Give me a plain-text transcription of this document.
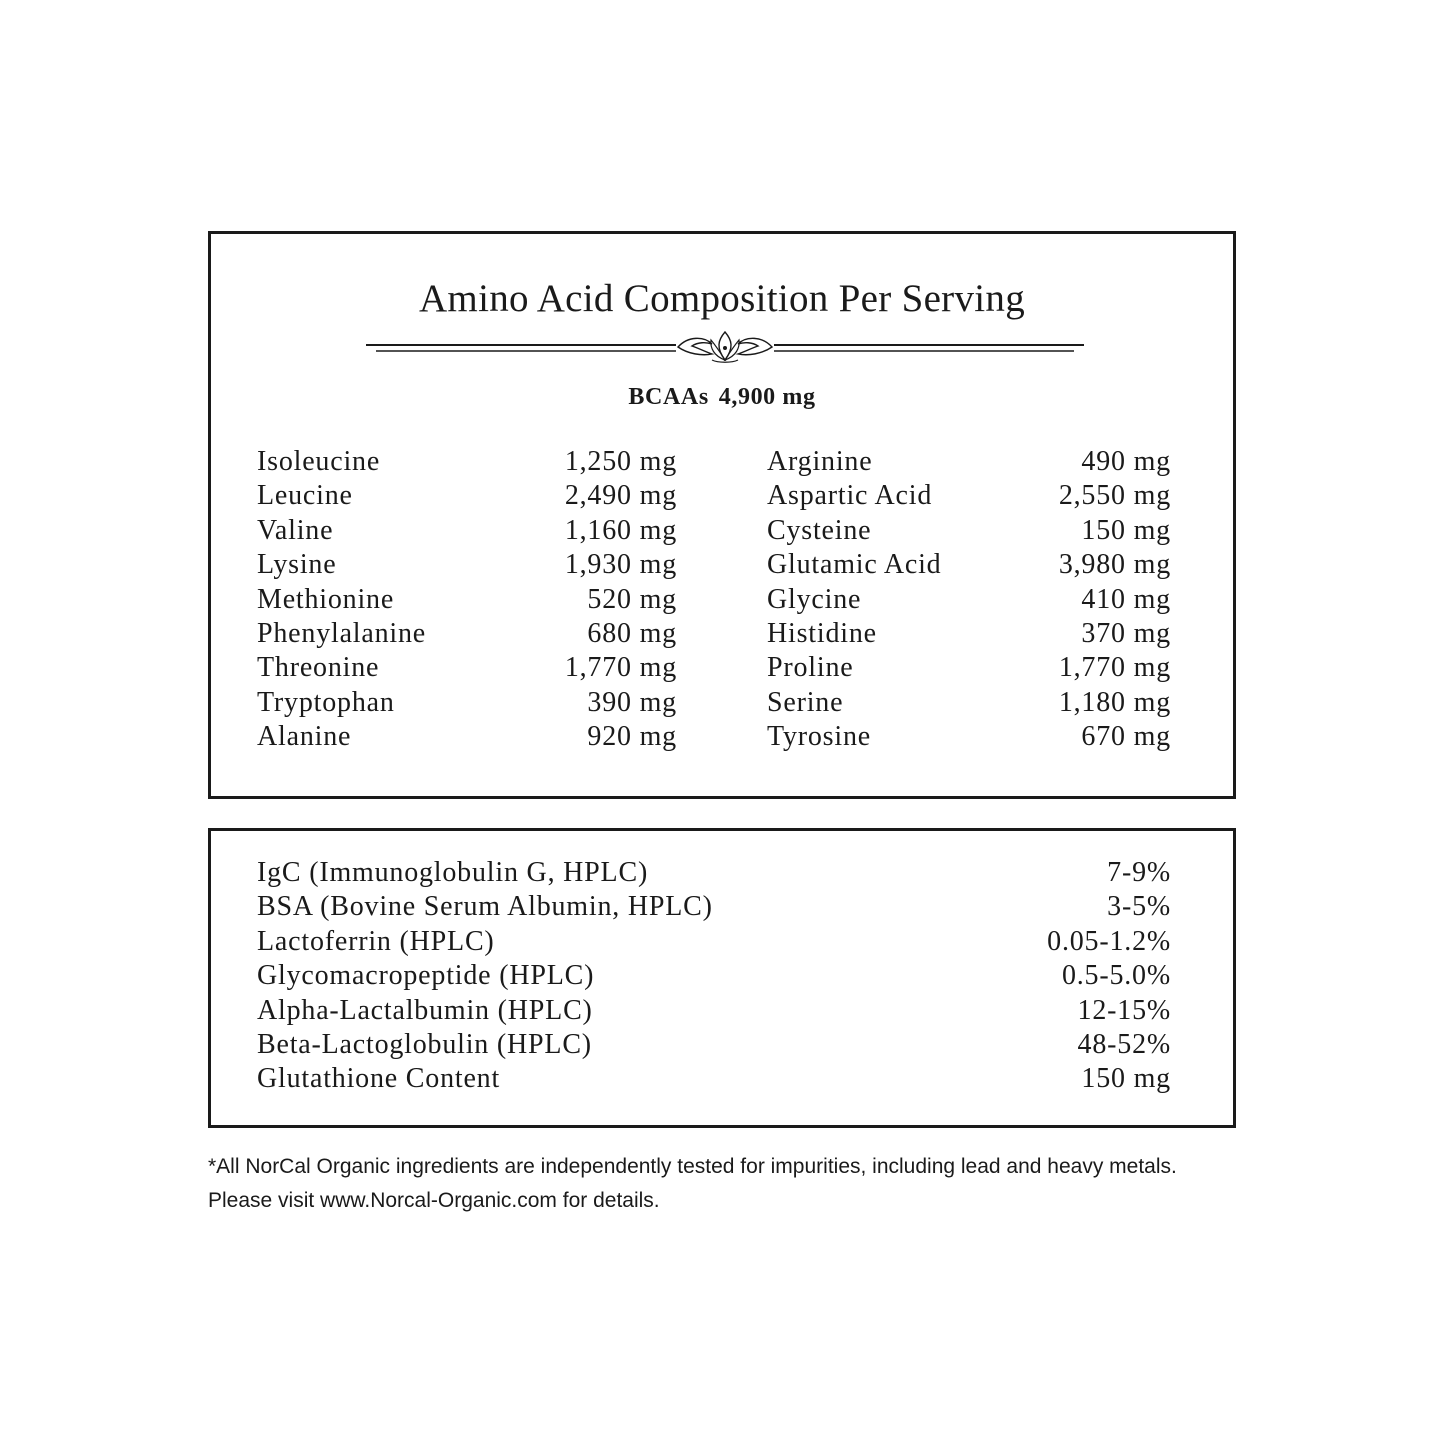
Amino Acid Composition Per Serving
BCAAs 4,900 mg
Isoleucine	1,250 mg
Leucine	2,490 mg
Valine	1,160 mg
Lysine	1,930 mg
Methionine	520 mg
Phenylalanine	680 mg
Threonine	1,770 mg
Tryptophan	390 mg
Alanine	920 mg
Arginine	490 mg
Aspartic Acid	2,550 mg
Cysteine	150 mg
Glutamic Acid	3,980 mg
Glycine	410 mg
Histidine	370 mg
Proline	1,770 mg
Serine	1,180 mg
Tyrosine	670 mg
IgC (Immunoglobulin G, HPLC)	7-9%
BSA (Bovine Serum Albumin, HPLC)	3-5%
Lactoferrin (HPLC)	0.05-1.2%
Glycomacropeptide (HPLC)	0.5-5.0%
Alpha-Lactalbumin (HPLC)	12-15%
Beta-Lactoglobulin (HPLC)	48-52%
Glutathione Content	150 mg
*All NorCal Organic ingredients are independently tested for impurities, including lead and heavy metals. Please visit www.Norcal-Organic.com for details.
